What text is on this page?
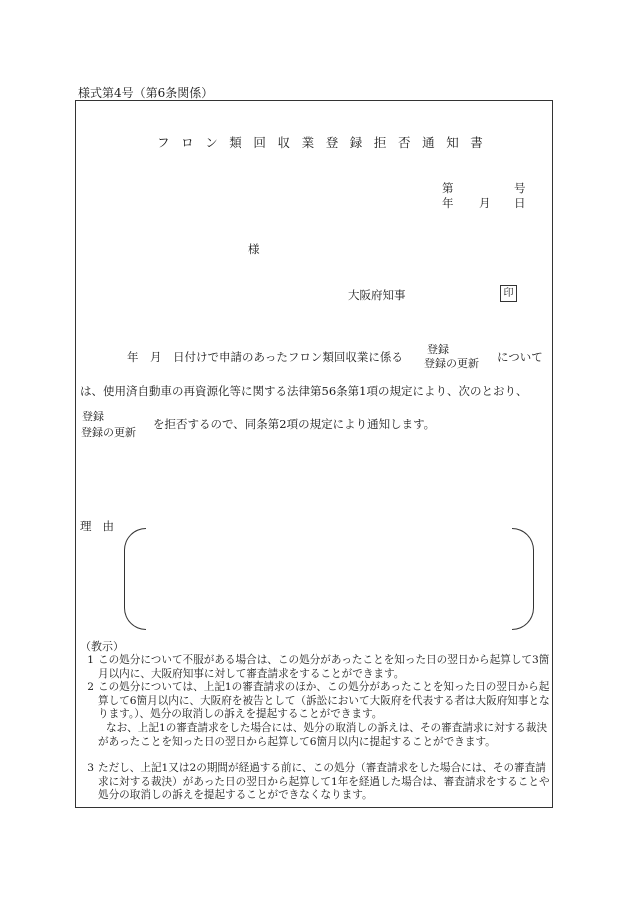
様式第4号（第6条関係）
フロン類回収業登録拒否通知書
第	号
年 月 日
様
大阪府知事	印
年　月　日付けで申請のあったフロン類回収業に係る
登録
登録の更新 について
は、使用済自動車の再資源化等に関する法律第56条第1項の規定により、次のとおり、
登録
登録の更新
を拒否するので、同条第2項の規定により通知します。
理由
（教示）
1 この処分について不服がある場合は、この処分があったことを知った日の翌日から起算して3箇月以内に、大阪府知事に対して審査請求をすることができます。
2 この処分については、上記1の審査請求のほか、この処分があったことを知った日の翌日から起算して6箇月以内に、大阪府を被告として（訴訟において大阪府を代表する者は大阪府知事となります。）、処分の取消しの訴えを提起することができます。
なお、上記1の審査請求をした場合には、処分の取消しの訴えは、その審査請求に対する裁決があったことを知った日の翌日から起算して6箇月以内に提起することができます。
3 ただし、上記1又は2の期間が経過する前に、この処分（審査請求をした場合には、その審査請求に対する裁決）があった日の翌日から起算して1年を経過した場合は、審査請求をすることや処分の取消しの訴えを提起することができなくなります。
